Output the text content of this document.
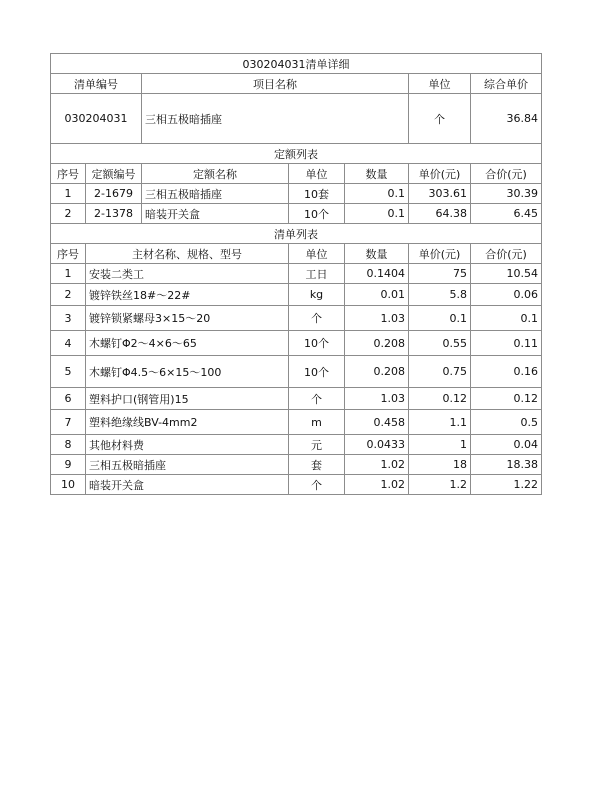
030204031清单详细						
清单编号		项目名称			单位	综合单价
030204031		三相五极暗插座			个	36.84
定额列表						
序号	定额编号	定额名称	单位	数量	单价(元)	合价(元)
1	2-1679	三相五极暗插座	10套	0.1	303.61	30.39
2	2-1378	暗装开关盒	10个	0.1	64.38	6.45
清单列表						
序号	主材名称、规格、型号		单位	数量	单价(元)	合价(元)
1	安装二类工		工日	0.1404	75	10.54
2	镀锌铁丝18#～22#		kg	0.01	5.8	0.06
3	镀锌锁紧螺母3×15～20		个	1.03	0.1	0.1
4	木螺钉Φ2～4×6～65		10个	0.208	0.55	0.11
5	木螺钉Φ4.5～6×15～100		10个	0.208	0.75	0.16
6	塑料护口(钢管用)15		个	1.03	0.12	0.12
7	塑料绝缘线BV-4mm2		m	0.458	1.1	0.5
8	其他材料费		元	0.0433	1	0.04
9	三相五极暗插座		套	1.02	18	18.38
10	暗装开关盒		个	1.02	1.2	1.22
